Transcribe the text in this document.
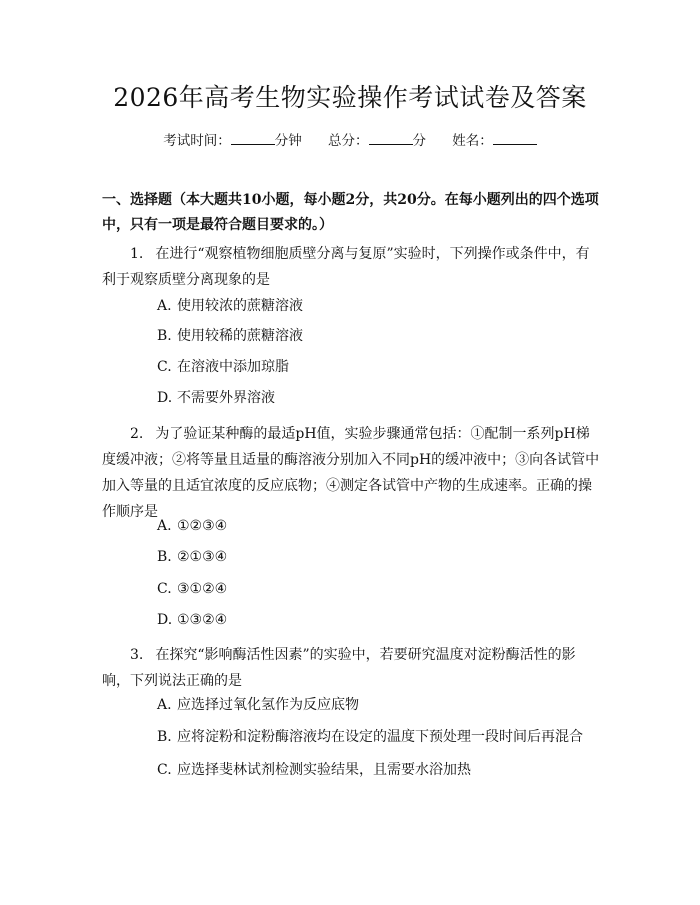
2026年高考生物实验操作考试试卷及答案
考试时间：	分钟 总分：	分 姓名：
一、选择题（本大题共10小题，每小题2分，共20分。在每小题列出的四个选项中，只有一项是最符合题目要求的。）
1. 在进行“观察植物细胞质壁分离与复原”实验时，下列操作或条件中，有利于观察质壁分离现象的是
A. 使用较浓的蔗糖溶液
B. 使用较稀的蔗糖溶液
C. 在溶液中添加琼脂
D. 不需要外界溶液
2. 为了验证某种酶的最适pH值，实验步骤通常包括：①配制一系列pH梯度缓冲液；②将等量且适量的酶溶液分别加入不同pH的缓冲液中；③向各试管中加入等量的且适宜浓度的反应底物；④测定各试管中产物的生成速率。正确的操作顺序是
A. ①②③④
B. ②①③④
C. ③①②④
D. ①③②④
3. 在探究“影响酶活性因素”的实验中，若要研究温度对淀粉酶活性的影响，下列说法正确的是
A. 应选择过氧化氢作为反应底物
B. 应将淀粉和淀粉酶溶液均在设定的温度下预处理一段时间后再混合
C. 应选择斐林试剂检测实验结果，且需要水浴加热
